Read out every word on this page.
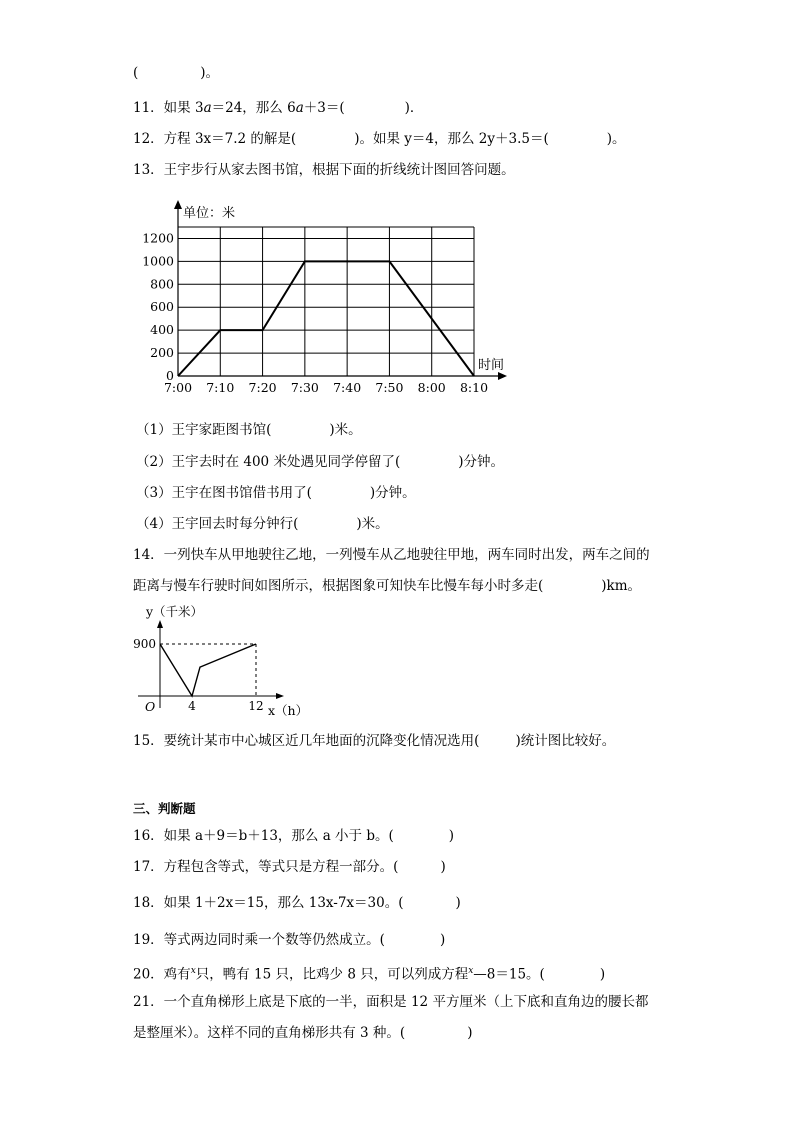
(	)。
11．如果 3a＝24，那么 6a＋3＝(	)．
12．方程 3x＝7.2 的解是(	)。如果 y＝4，那么 2y＋3.5＝(	)。
13．王宇步行从家去图书馆，根据下面的折线统计图回答问题。
0
200
400
600
800
1000
1200
7:00 7:10 7:20 7:30 7:40 7:50 8:00 8:10
单位：米
时间
（1）王宇家距图书馆(	)米。
（2）王宇去时在 400 米处遇见同学停留了(	)分钟。
（3）王宇在图书馆借书用了(	)分钟。
（4）王宇回去时每分钟行(	)米。
14．一列快车从甲地驶往乙地，一列慢车从乙地驶往甲地，两车同时出发，两车之间的
距离与慢车行驶时间如图所示，根据图象可知快车比慢车每小时多走(	)km。
y（千米）
x（h）
O
900
4	12
15．要统计某市中心城区近几年地面的沉降变化情况选用(	)统计图比较好。
三、判断题
16．如果 a＋9＝b＋13，那么 a 小于 b。(	)
17．方程包含等式，等式只是方程一部分。(	)
18．如果 1＋2x＝15，那么 13x-7x＝30。(	)
19．等式两边同时乘一个数等仍然成立。(	)
20．鸡有$^x$只，鸭有 15 只，比鸡少 8 只，可以列成方程$^x$—8＝15。(	)
21．一个直角梯形上底是下底的一半，面积是 12 平方厘米（上下底和直角边的腰长都
是整厘米）。这样不同的直角梯形共有 3 种。(	)
